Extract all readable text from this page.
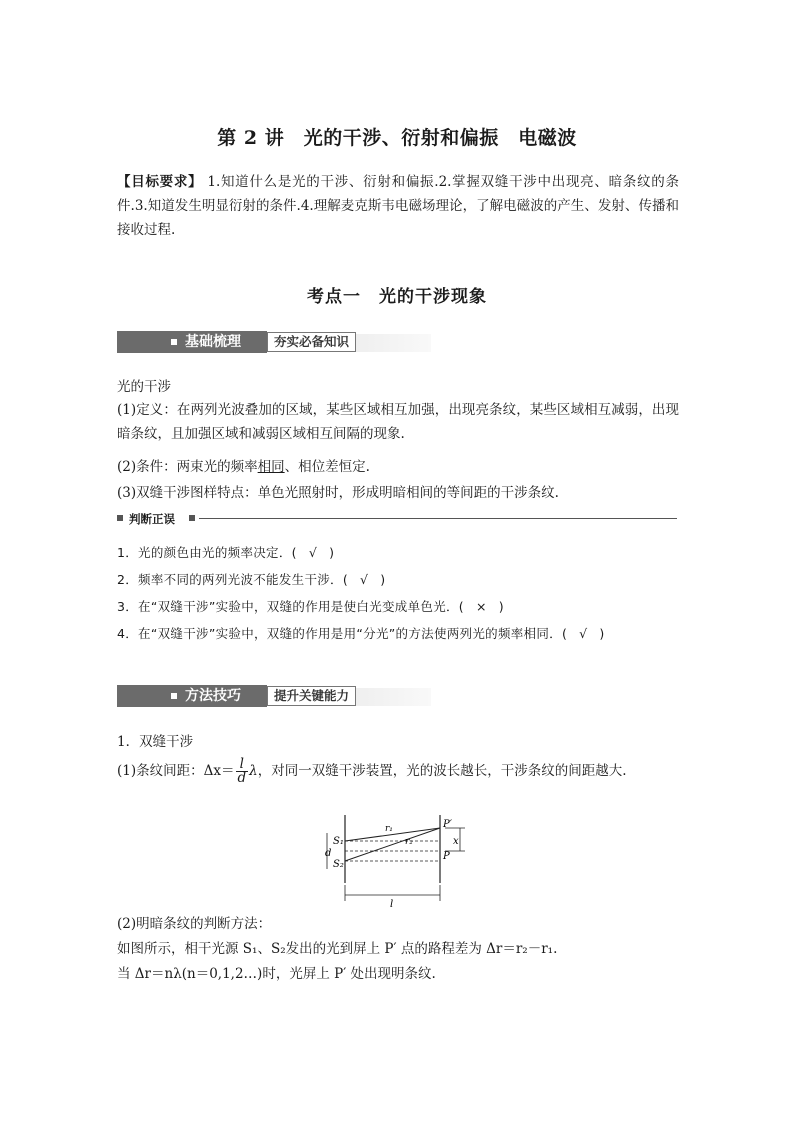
第 2 讲　光的干涉、衍射和偏振　电磁波
【目标要求】 1.知道什么是光的干涉、衍射和偏振.2.掌握双缝干涉中出现亮、暗条纹的条件.3.知道发生明显衍射的条件.4.理解麦克斯韦电磁场理论，了解电磁波的产生、发射、传播和接收过程.
考点一　光的干涉现象
基础梳理	夯实必备知识
光的干涉
(1)定义：在两列光波叠加的区域，某些区域相互加强，出现亮条纹，某些区域相互减弱，出现暗条纹，且加强区域和减弱区域相互间隔的现象.
(2)条件：两束光的频率相同、相位差恒定.
(3)双缝干涉图样特点：单色光照射时，形成明暗相间的等间距的干涉条纹.
判断正误
1．光的颜色由光的频率决定．( √ )
2．频率不同的两列光波不能发生干涉．( √ )
3．在“双缝干涉”实验中，双缝的作用是使白光变成单色光．( × )
4．在“双缝干涉”实验中，双缝的作用是用“分光”的方法使两列光的频率相同．( √ )
方法技巧	提升关键能力
1．双缝干涉
(1)条纹间距：$\Delta x= \frac{l}{d}$ λ，对同一双缝干涉装置，光的波长越长，干涉条纹的间距越大.
S₁
S₂
d
r₁
r₂
P′
P
x
l
(2)明暗条纹的判断方法：
如图所示，相干光源 S₁、S₂发出的光到屏上 P′ 点的路程差为 Δr＝r₂－r₁.
当 Δr＝nλ(n＝0,1,2…)时，光屏上 P′ 处出现明条纹.
